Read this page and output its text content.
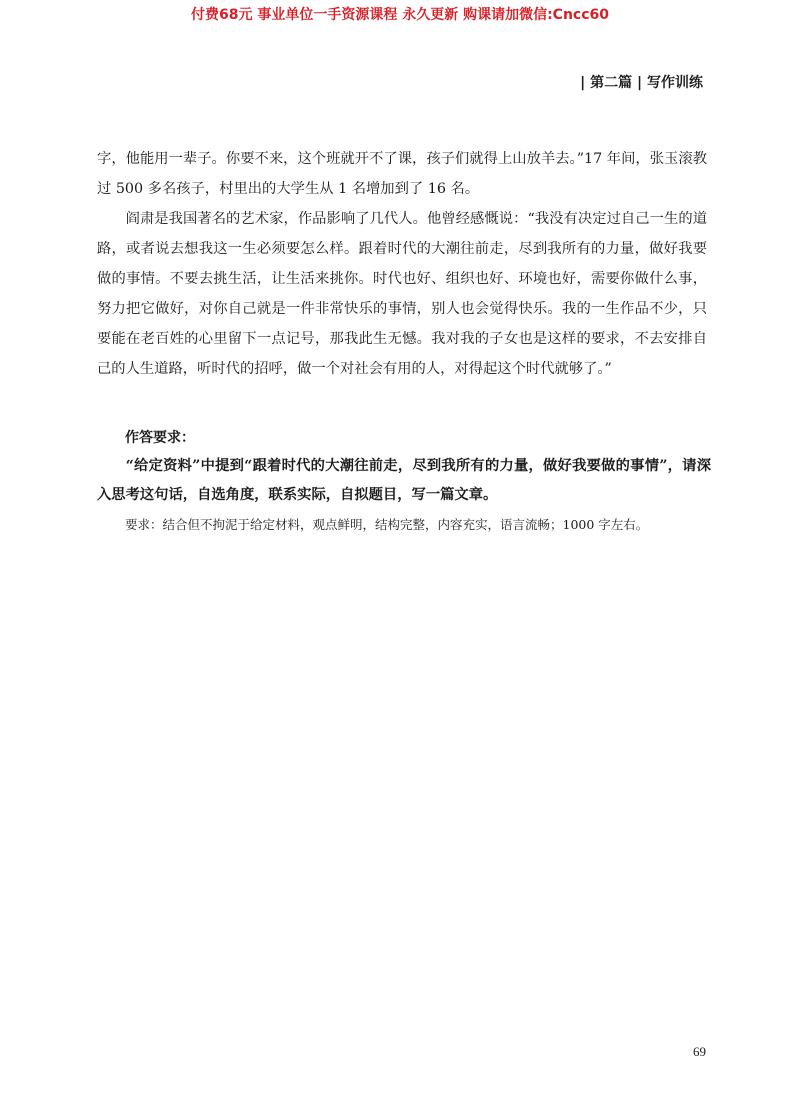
付费68元 事业单位一手资源课程 永久更新 购课请加微信:Cncc60
| 第二篇 | 写作训练

字，他能用一辈子。你要不来，这个班就开不了课，孩子们就得上山放羊去。”17 年间，张玉滚教过 500 多名孩子，村里出的大学生从 1 名增加到了 16 名。

阎肃是我国著名的艺术家，作品影响了几代人。他曾经感慨说：“我没有决定过自己一生的道路，或者说去想我这一生必须要怎么样。跟着时代的大潮往前走，尽到我所有的力量，做好我要做的事情。不要去挑生活，让生活来挑你。时代也好、组织也好、环境也好，需要你做什么事，努力把它做好，对你自己就是一件非常快乐的事情，别人也会觉得快乐。我的一生作品不少，只要能在老百姓的心里留下一点记号，那我此生无憾。我对我的子女也是这样的要求，不去安排自己的人生道路，听时代的招呼，做一个对社会有用的人，对得起这个时代就够了。”

作答要求：

“给定资料”中提到“跟着时代的大潮往前走，尽到我所有的力量，做好我要做的事情”，请深入思考这句话，自选角度，联系实际，自拟题目，写一篇文章。

要求：结合但不拘泥于给定材料，观点鲜明，结构完整，内容充实，语言流畅；1000 字左右。

69
